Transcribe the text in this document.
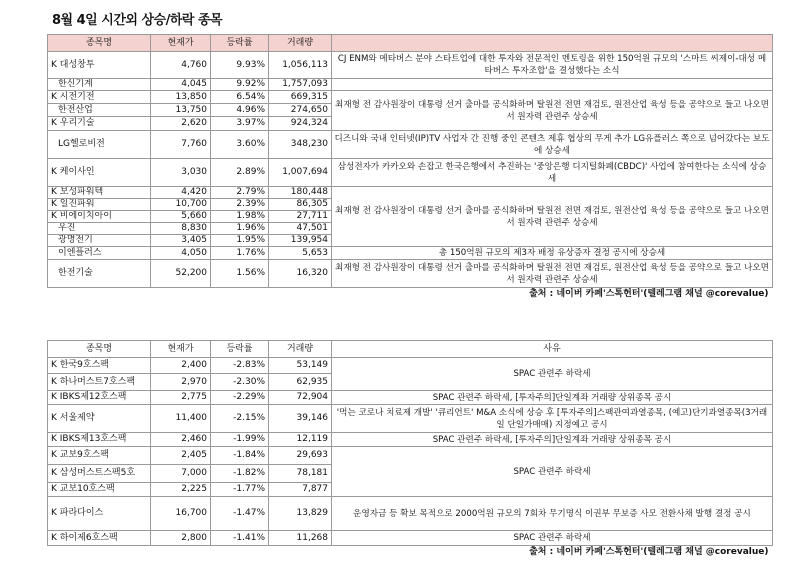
8월 4일 시간외 상승/하락 종목
종목명	현재가	등락률	거래량	
K 대성창투	4,760	9.93%	1,056,113	CJ ENM와 메타버스 분야 스타트업에 대한 투자와 전문적인 멘토링을 위한 150억원 규모의 '스마트 씨제이-대성 메타버스 투자조합'을 결성했다는 소식
한신기계	4,045	9.92%	1,757,093	
K 시전기전	13,850	6.54%	669,315	최재형 전 감사원장이 대통령 선거 출마를 공식화하며 탈원전 전면 재검토, 원전산업 육성 등을 공약으로 들고 나오면서 원자력 관련주 상승세
한전산업	13,750	4.96%	274,650	
K 우리기술	2,620	3.97%	924,324	
LG헬로비전	7,760	3.60%	348,230	디즈니와 국내 인터넷(IP)TV 사업자 간 진행 중인 콘텐츠 제휴 협상의 무게 추가 LG유플러스 쪽으로 넘어갔다는 보도에 상승세
K 케이사인	3,030	2.89%	1,007,694	삼성전자가 카카오와 손잡고 한국은행에서 추진하는 '중앙은행 디지털화폐(CBDC)' 사업에 참여한다는 소식에 상승세
K 보성파워텍	4,420	2.79%	180,448	최재형 전 감사원장이 대통령 선거 출마를 공식화하며 탈원전 전면 재검토, 원전산업 육성 등을 공약으로 들고 나오면서 원자력 관련주 상승세
K 일진파워	10,700	2.39%	86,305	
K 비에이치아이	5,660	1.98%	27,711	
우진	8,830	1.96%	47,501	
광명전기	3,405	1.95%	139,954	
이엔플러스	4,050	1.76%	5,653	총 150억원 규모의 제3자 배정 유상증자 결정 공시에 상승세
한전기술	52,200	1.56%	16,320	최재형 전 감사원장이 대통령 선거 출마를 공식화하며 탈원전 전면 재검토, 원전산업 육성 등을 공약으로 들고 나오면서 원자력 관련주 상승세
출처 : 네이버 카페'스톡헌터'(텔레그램 채널 @corevalue)				
종목명	현재가	등락률	거래량	사유
K 한국9호스팩	2,400	-2.83%	53,149	SPAC 관련주 하락세
K 하나머스트7호스팩	2,970	-2.30%	62,935	
K IBKS제12호스팩	2,775	-2.29%	72,904	SPAC 관련주 하락세, [투자주의]단일계좌 거래량 상위종목 공시
K 서울제약	11,400	-2.15%	39,146	'먹는 코로나 치료제 개발' '큐리언트' M&A 소식에 상승 후 [투자주의]스팩관여과열종목, (예고)단기과열종목(3거래일 단일가매매) 지정예고 공시
K IBKS제13호스팩	2,460	-1.99%	12,119	SPAC 관련주 하락세, [투자주의]단일계좌 거래량 상위종목 공시
K 교보9호스팩	2,405	-1.84%	29,693	SPAC 관련주 하락세
K 삼성머스트스팩5호	7,000	-1.82%	78,181	
K 교보10호스팩	2,225	-1.77%	7,877	
K 파라다이스	16,700	-1.47%	13,829	운영자금 등 확보 목적으로 2000억원 규모의 7회차 무기명식 이권부 무보증 사모 전환사채 발행 결정 공시
K 하이제6호스팩	2,800	-1.41%	11,268	SPAC 관련주 하락세
출처 : 네이버 카페'스톡헌터'(텔레그램 채널 @corevalue)				
